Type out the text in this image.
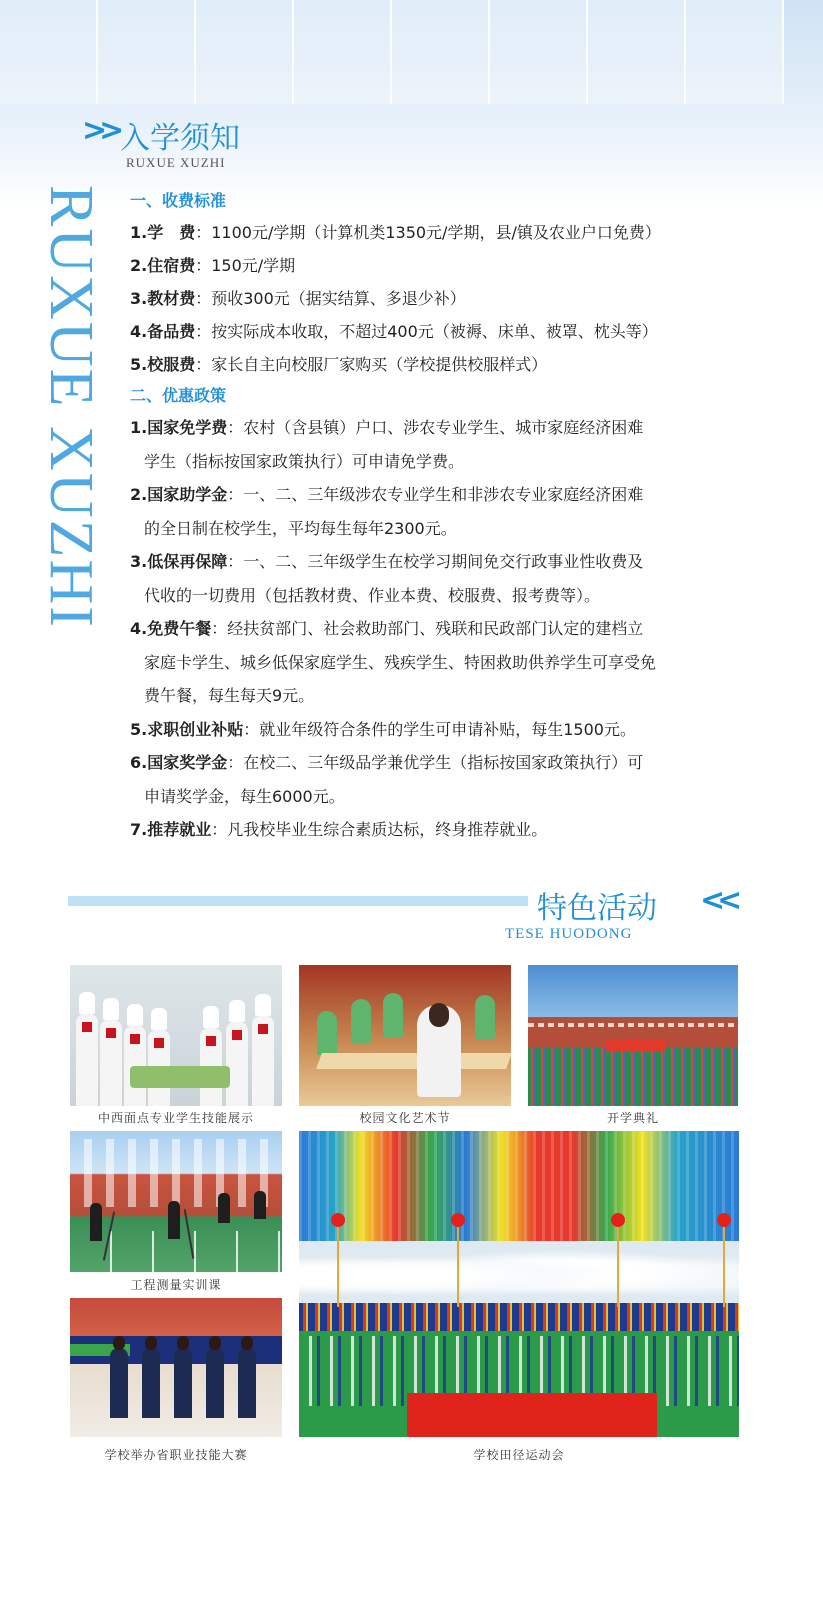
>> 入学须知
RUXUE XUZHI
RUXUE XUZHI 一、收费标准
1.学　费：1100元/学期（计算机类1350元/学期，县/镇及农业户口免费）
2.住宿费：150元/学期
3.教材费：预收300元（据实结算、多退少补）
4.备品费：按实际成本收取，不超过400元（被褥、床单、被罩、枕头等）
5.校服费：家长自主向校服厂家购买（学校提供校服样式）
二、优惠政策
1.国家免学费：农村（含县镇）户口、涉农专业学生、城市家庭经济困难
学生（指标按国家政策执行）可申请免学费。
2.国家助学金：一、二、三年级涉农专业学生和非涉农专业家庭经济困难
的全日制在校学生，平均每生每年2300元。
3.低保再保障：一、二、三年级学生在校学习期间免交行政事业性收费及
代收的一切费用（包括教材费、作业本费、校服费、报考费等）。
4.免费午餐：经扶贫部门、社会救助部门、残联和民政部门认定的建档立
家庭卡学生、城乡低保家庭学生、残疾学生、特困救助供养学生可享受免
费午餐，每生每天9元。
5.求职创业补贴：就业年级符合条件的学生可申请补贴，每生1500元。
6.国家奖学金：在校二、三年级品学兼优学生（指标按国家政策执行）可
申请奖学金，每生6000元。
7.推荐就业：凡我校毕业生综合素质达标，终身推荐就业。
特色活动 <<
TESE HUODONG
中西面点专业学生技能展示	校园文化艺术节	开学典礼
工程测量实训课
学校举办省职业技能大赛	学校田径运动会
